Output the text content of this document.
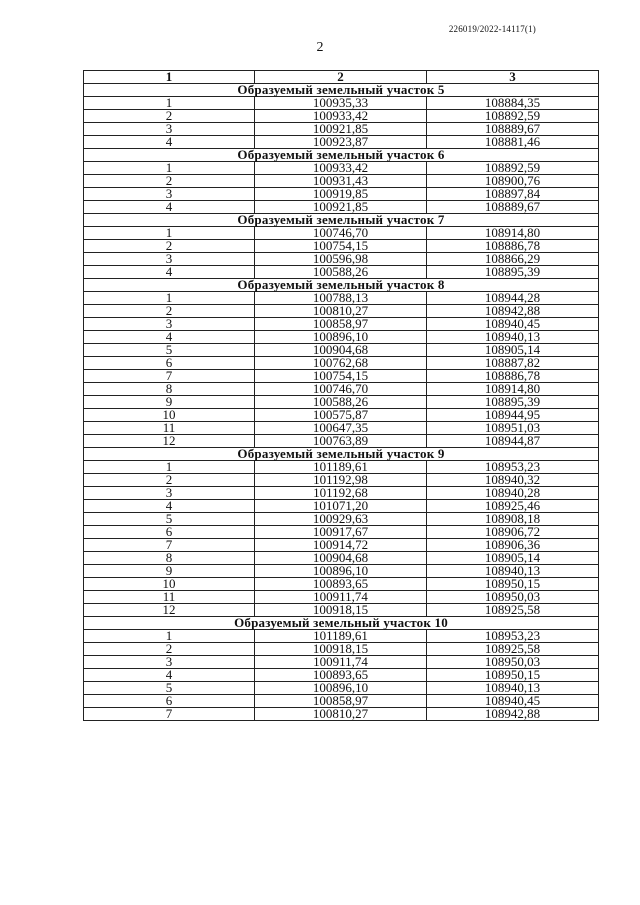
226019/2022-14117(1)
2
1	2	3
Образуемый земельный участок 5		
1	100935,33	108884,35
2	100933,42	108892,59
3	100921,85	108889,67
4	100923,87	108881,46
Образуемый земельный участок 6		
1	100933,42	108892,59
2	100931,43	108900,76
3	100919,85	108897,84
4	100921,85	108889,67
Образуемый земельный участок 7		
1	100746,70	108914,80
2	100754,15	108886,78
3	100596,98	108866,29
4	100588,26	108895,39
Образуемый земельный участок 8		
1	100788,13	108944,28
2	100810,27	108942,88
3	100858,97	108940,45
4	100896,10	108940,13
5	100904,68	108905,14
6	100762,68	108887,82
7	100754,15	108886,78
8	100746,70	108914,80
9	100588,26	108895,39
10	100575,87	108944,95
11	100647,35	108951,03
12	100763,89	108944,87
Образуемый земельный участок 9		
1	101189,61	108953,23
2	101192,98	108940,32
3	101192,68	108940,28
4	101071,20	108925,46
5	100929,63	108908,18
6	100917,67	108906,72
7	100914,72	108906,36
8	100904,68	108905,14
9	100896,10	108940,13
10	100893,65	108950,15
11	100911,74	108950,03
12	100918,15	108925,58
Образуемый земельный участок 10		
1	101189,61	108953,23
2	100918,15	108925,58
3	100911,74	108950,03
4	100893,65	108950,15
5	100896,10	108940,13
6	100858,97	108940,45
7	100810,27	108942,88
